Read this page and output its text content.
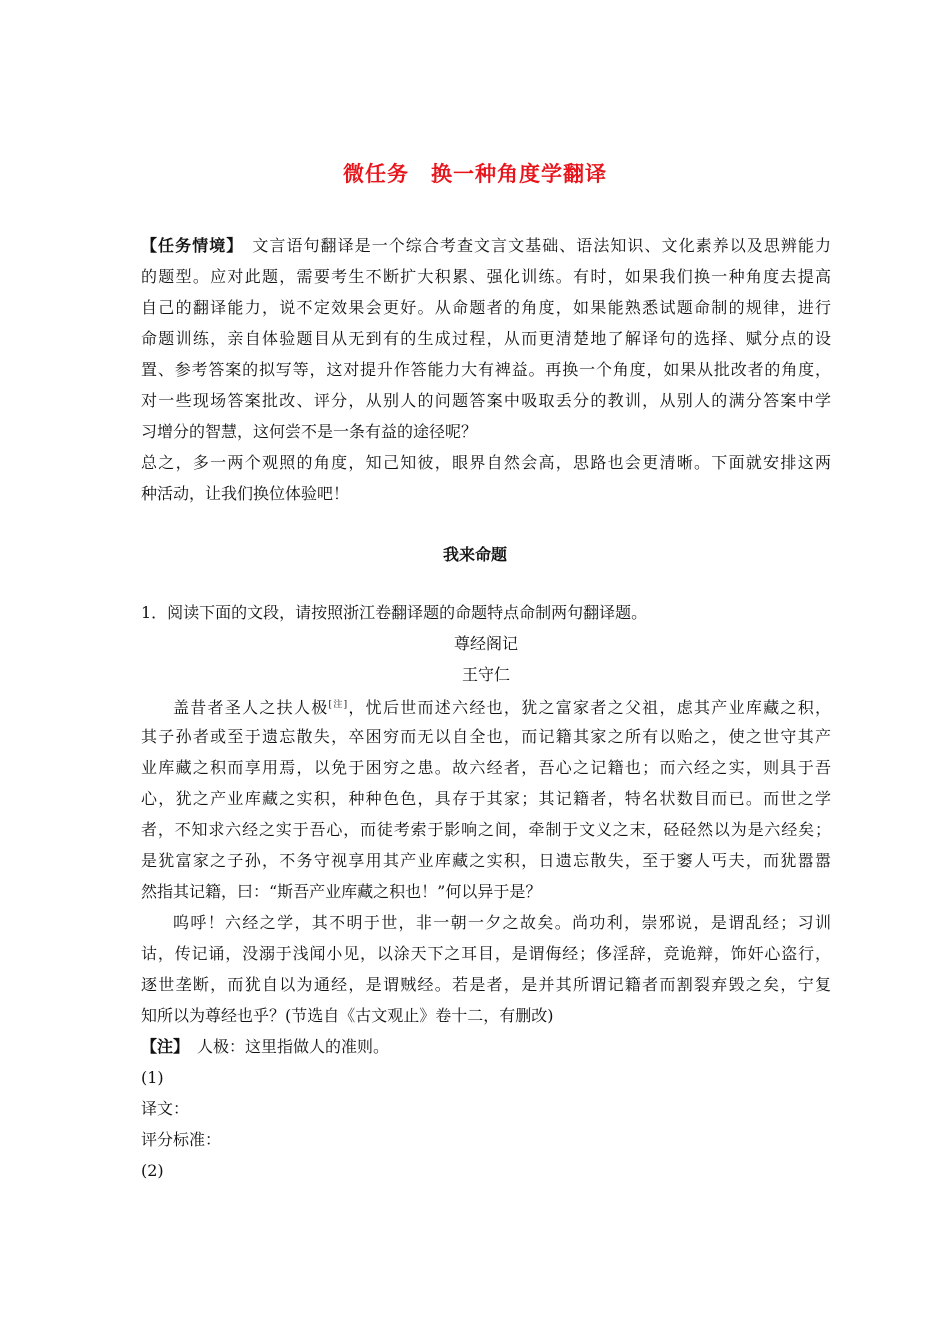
微任务　换一种角度学翻译
【任务情境】　 文言语句翻译是一个综合考查文言文基础、语法知识、文化素养以及思辨能力
的题型。应对此题，需要考生不断扩大积累、强化训练。有时，如果我们换一种角度去提高
自己的翻译能力，说不定效果会更好。从命题者的角度，如果能熟悉试题命制的规律，进行
命题训练，亲自体验题目从无到有的生成过程，从而更清楚地了解译句的选择、赋分点的设
置、参考答案的拟写等，这对提升作答能力大有裨益。再换一个角度，如果从批改者的角度，
对一些现场答案批改、评分，从别人的问题答案中吸取丢分的教训，从别人的满分答案中学
习增分的智慧，这何尝不是一条有益的途径呢？
总之，多一两个观照的角度，知己知彼，眼界自然会高，思路也会更清晰。下面就安排这两
种活动，让我们换位体验吧！
我来命题
1．阅读下面的文段，请按照浙江卷翻译题的命题特点命制两句翻译题。
尊经阁记
王守仁
盖昔者圣人之扶人极[注]，忧后世而述六经也，犹之富家者之父祖，虑其产业库藏之积，
其子孙者或至于遗忘散失，卒困穷而无以自全也，而记籍其家之所有以贻之，使之世守其产
业库藏之积而享用焉，以免于困穷之患。故六经者，吾心之记籍也；而六经之实，则具于吾
心，犹之产业库藏之实积，种种色色，具存于其家；其记籍者，特名状数目而已。而世之学
者，不知求六经之实于吾心，而徒考索于影响之间，牵制于文义之末，硁硁然以为是六经矣；
是犹富家之子孙，不务守视享用其产业库藏之实积，日遗忘散失，至于窭人丐夫，而犹嚣嚣
然指其记籍，曰：“斯吾产业库藏之积也！”何以异于是？
呜呼！六经之学，其不明于世，非一朝一夕之故矣。尚功利，崇邪说，是谓乱经；习训
诂，传记诵，没溺于浅闻小见，以涂天下之耳目，是谓侮经；侈淫辞，竞诡辩，饰奸心盗行，
逐世垄断，而犹自以为通经，是谓贼经。若是者，是并其所谓记籍者而割裂弃毁之矣，宁复
知所以为尊经也乎？(节选自《古文观止》卷十二，有删改)
【注】　 人极：这里指做人的准则。
(1)
译文：
评分标准：
(2)
